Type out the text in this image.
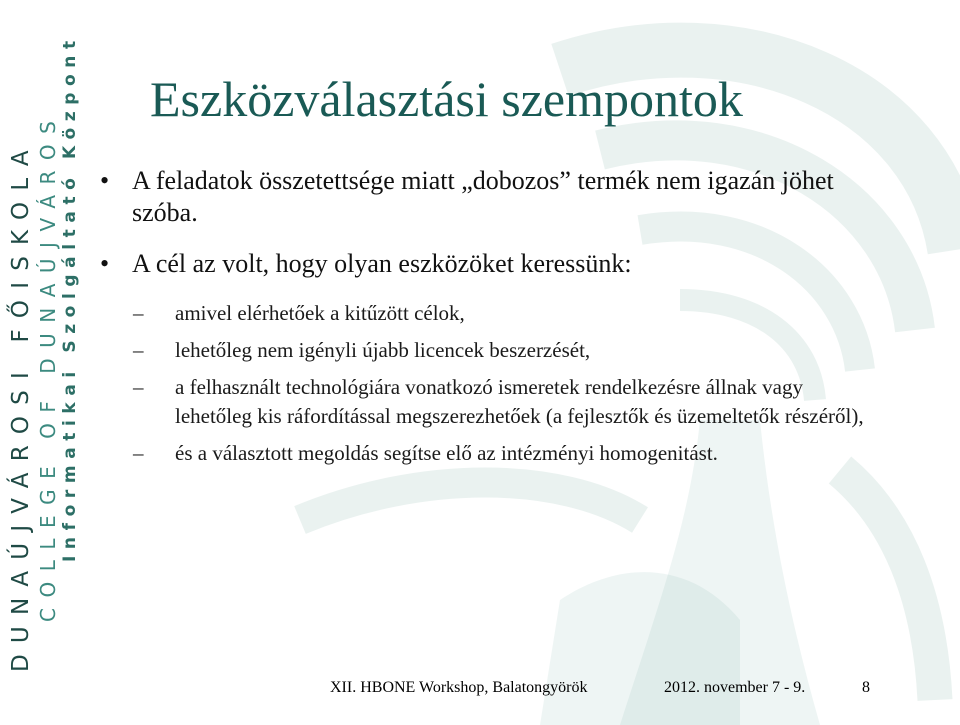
DUNAÚJVÁROSI FŐISKOLA COLLEGE OF DUNAÚJVÁROS Informatikai Szolgáltató Központ Eszközválasztási szempontok
• A feladatok összetettsége miatt „dobozos” termék nem igazán jöhet szóba.
• A cél az volt, hogy olyan eszközöket keressünk:
– amivel elérhetőek a kitűzött célok,
– lehetőleg nem igényli újabb licencek beszerzését,
– a felhasznált technológiára vonatkozó ismeretek rendelkezésre állnak vagy lehetőleg kis ráfordítással megszerezhetőek (a fejlesztők és üzemeltetők részéről),
– és a választott megoldás segítse elő az intézményi homogenitást.
XII. HBONE Workshop, Balatongyörök	2012. november 7 - 9.	8
